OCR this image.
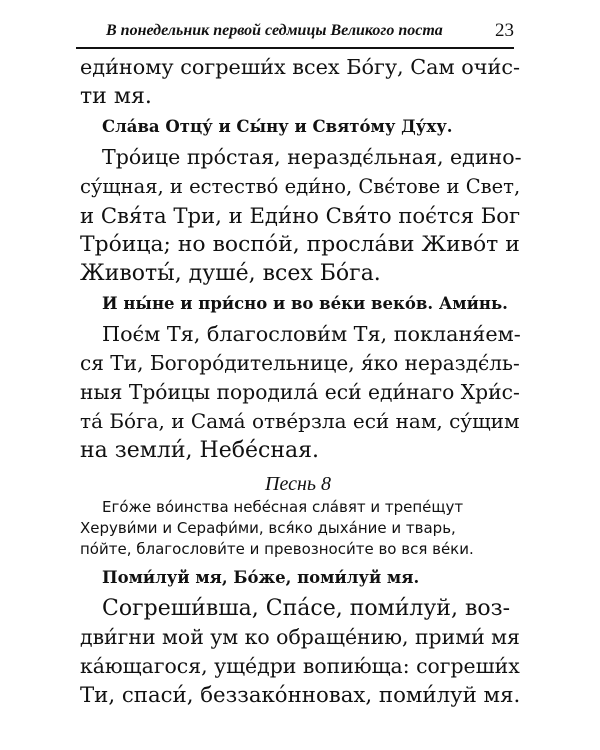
В понедельник первой седмицы Великого поста	23
еди́ному согреши́х всех Бо́гу, Сам очи́с-
ти мя.
Сла́ва Отцу́ и Сы́ну и Свято́му Ду́ху.
Тро́ице про́стая, нераздє́льная, едино-
су́щная, и естество́ еди́но, Свє́тове и Свет,
и Свя́та Три, и Еди́но Свя́то поє́тся Бог
Тро́ица; но воспо́й, просла́ви Живо́т и
Животы́, душе́, всех Бо́га.
И ны́не и при́сно и во ве́ки веко́в. Ами́нь.
Поє́м Тя, благослови́м Тя, покланя́ем-
ся Ти, Богоро́дительнице, я́ко нераздє́ль-
ныя Тро́ицы породила́ еси́ еди́наго Хри́с-
та́ Бо́га, и Сама́ отве́рзла еси́ нам, су́щим
на земли́, Небе́сная.
Песнь 8
Его́же во́инства небе́сная сла́вят и трепе́щут
Херуви́ми и Серафи́ми, вся́ко дыха́ние и тварь,
по́йте, благослови́те и превозноси́те во вся ве́ки.
Поми́луй мя, Бо́же, поми́луй мя.
Согреши́вша, Спа́се, поми́луй, воз-
дви́гни мой ум ко обраще́нию, прими́ мя
ка́ющагося, уще́дри вопию́ща: согреши́х
Ти, спаси́, беззако́нновах, поми́луй мя.
